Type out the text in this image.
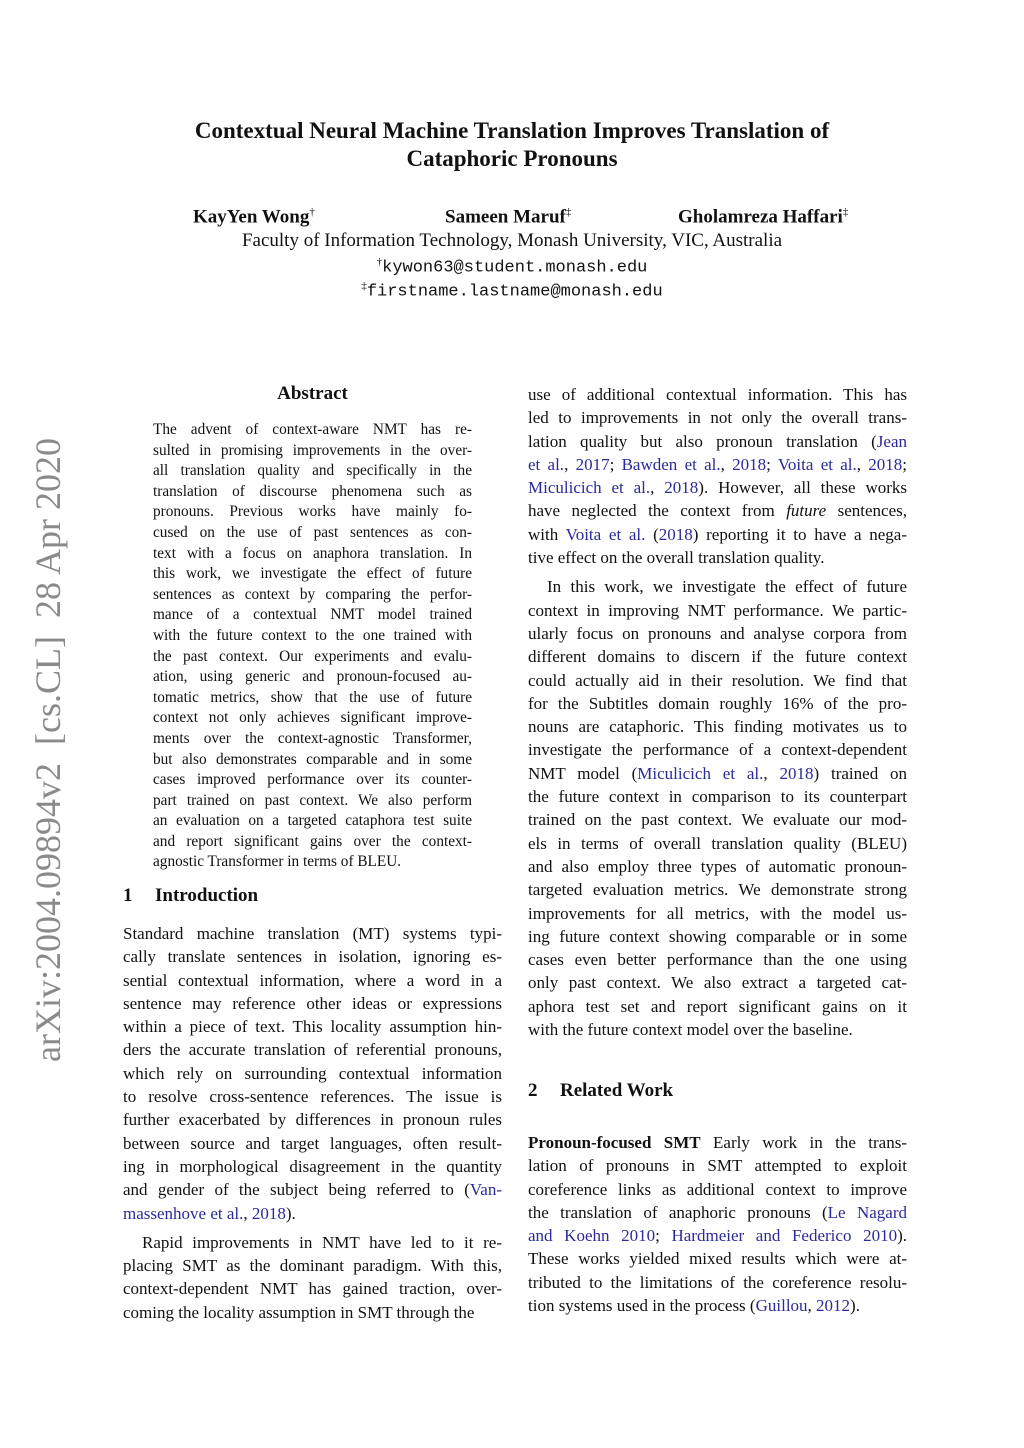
arXiv:2004.09894v2  [cs.CL]  28 Apr 2020
Contextual Neural Machine Translation Improves Translation of
Cataphoric Pronouns
KayYen Wong†	Sameen Maruf‡	Gholamreza Haffari‡
Faculty of Information Technology, Monash University, VIC, Australia
†kywon63@student.monash.edu
‡firstname.lastname@monash.edu
Abstract
The advent of context-aware NMT has re-
sulted in promising improvements in the over-
all translation quality and specifically in the
translation of discourse phenomena such as
pronouns. Previous works have mainly fo-
cused on the use of past sentences as con-
text with a focus on anaphora translation. In
this work, we investigate the effect of future
sentences as context by comparing the perfor-
mance of a contextual NMT model trained
with the future context to the one trained with
the past context. Our experiments and evalu-
ation, using generic and pronoun-focused au-
tomatic metrics, show that the use of future
context not only achieves significant improve-
ments over the context-agnostic Transformer,
but also demonstrates comparable and in some
cases improved performance over its counter-
part trained on past context. We also perform
an evaluation on a targeted cataphora test suite
and report significant gains over the context-
agnostic Transformer in terms of BLEU.
1 Introduction
Standard machine translation (MT) systems typi-
cally translate sentences in isolation, ignoring es-
sential contextual information, where a word in a
sentence may reference other ideas or expressions
within a piece of text. This locality assumption hin-
ders the accurate translation of referential pronouns,
which rely on surrounding contextual information
to resolve cross-sentence references. The issue is
further exacerbated by differences in pronoun rules
between source and target languages, often result-
ing in morphological disagreement in the quantity
and gender of the subject being referred to (Van-
massenhove et al., 2018).
Rapid improvements in NMT have led to it re-
placing SMT as the dominant paradigm. With this,
context-dependent NMT has gained traction, over-
coming the locality assumption in SMT through the
use of additional contextual information. This has
led to improvements in not only the overall trans-
lation quality but also pronoun translation (Jean
et al., 2017; Bawden et al., 2018; Voita et al., 2018;
Miculicich et al., 2018). However, all these works
have neglected the context from future sentences,
with Voita et al. (2018) reporting it to have a nega-
tive effect on the overall translation quality.
In this work, we investigate the effect of future
context in improving NMT performance. We partic-
ularly focus on pronouns and analyse corpora from
different domains to discern if the future context
could actually aid in their resolution. We find that
for the Subtitles domain roughly 16% of the pro-
nouns are cataphoric. This finding motivates us to
investigate the performance of a context-dependent
NMT model (Miculicich et al., 2018) trained on
the future context in comparison to its counterpart
trained on the past context. We evaluate our mod-
els in terms of overall translation quality (BLEU)
and also employ three types of automatic pronoun-
targeted evaluation metrics. We demonstrate strong
improvements for all metrics, with the model us-
ing future context showing comparable or in some
cases even better performance than the one using
only past context. We also extract a targeted cat-
aphora test set and report significant gains on it
with the future context model over the baseline.
2 Related Work
Pronoun-focused SMT Early work in the trans-
lation of pronouns in SMT attempted to exploit
coreference links as additional context to improve
the translation of anaphoric pronouns (Le Nagard
and Koehn 2010; Hardmeier and Federico 2010).
These works yielded mixed results which were at-
tributed to the limitations of the coreference resolu-
tion systems used in the process (Guillou, 2012).
